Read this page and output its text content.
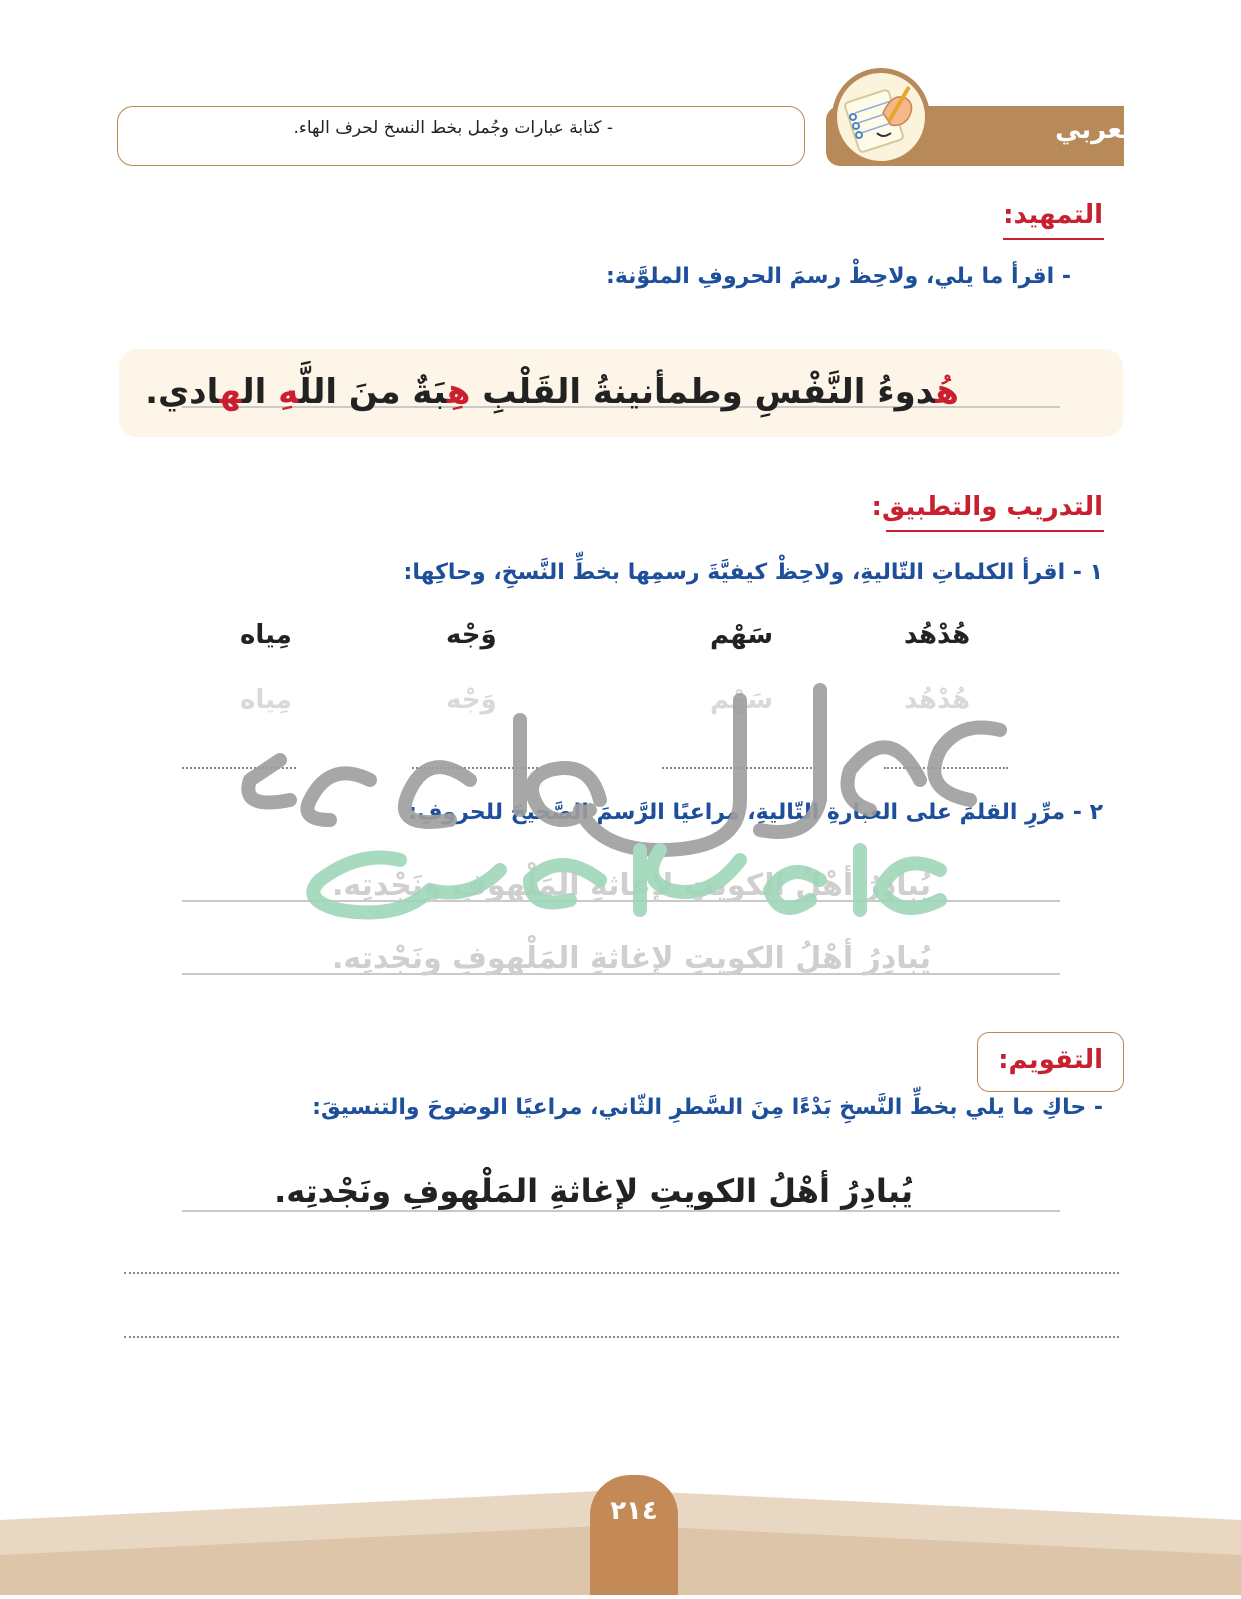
الخط العربي
- كتابة عبارات وجُمل بخط النسخ لحرف الهاء.
التمهيد:
- اقرأ ما يلي، ولاحِظْ رسمَ الحروفِ الملوَّنة:
هُدوءُ النَّفْسِ وطمأنينةُ القَلْبِ هِبَةٌ منَ اللَّهِ الهادي.
التدريب والتطبيق:
١ - اقرأ الكلماتِ التّاليةِ، ولاحِظْ كيفيَّةَ رسمِها بخطِّ النَّسخِ، وحاكِها:
هُدْهُد
سَهْم
وَجْه
مِياه
هُدْهُد
سَهْم
وَجْه
مِياه
٢ - مرِّرِ القلمَ على العبارةِ التّاليةِ، مراعيًا الرَّسمَ الصَّحيحَ للحروفِ:
يُبادِرُ أهْلُ الكويتِ لإغاثةِ المَلْهوفِ ونَجْدتِه.
يُبادِرُ أهْلُ الكويتِ لإغاثةِ المَلْهوفِ ونَجْدتِه.
التقويم:
- حاكِ ما يلي بخطِّ النَّسخِ بَدْءًا مِنَ السَّطرِ الثّاني، مراعيًا الوضوحَ والتنسيقَ:
يُبادِرُ أهْلُ الكويتِ لإغاثةِ المَلْهوفِ ونَجْدتِه.
٢١٤
